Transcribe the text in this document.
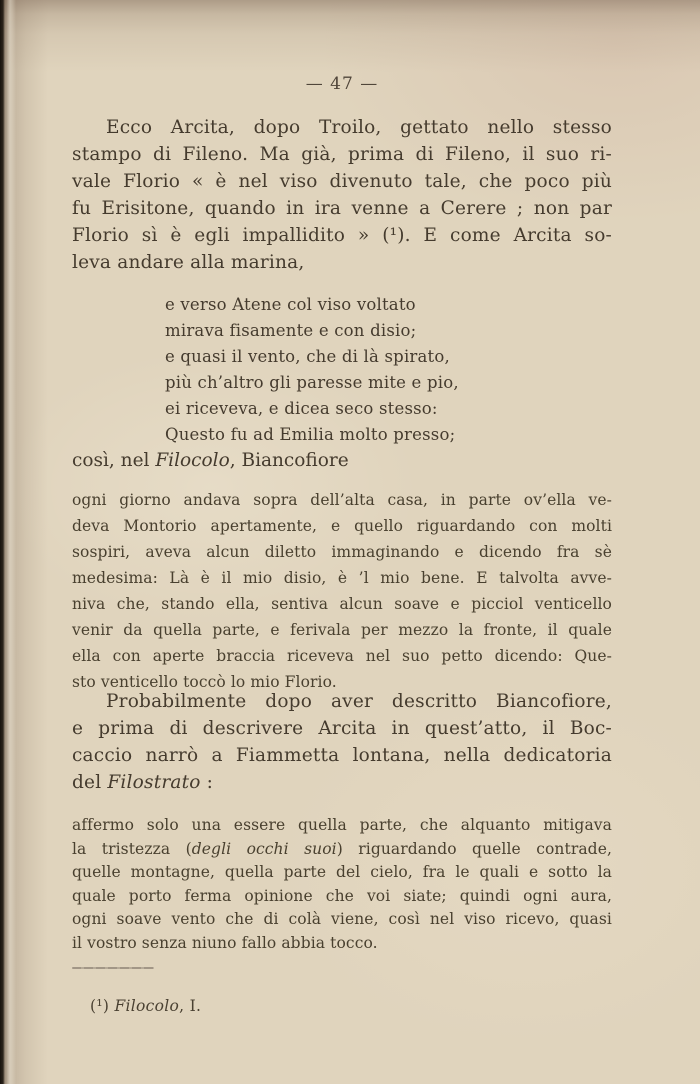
— 47 —
Ecco Arcita, dopo Troilo, gettato nello stesso
stampo di Fileno. Ma già, prima di Fileno, il suo ri-
vale Florio « è nel viso divenuto tale, che poco più
fu Erisitone, quando in ira venne a Cerere ; non par
Florio sì è egli impallidito » (¹). E come Arcita so-
leva andare alla marina,
e verso Atene col viso voltato
mirava fisamente e con disio;
e quasi il vento, che di là spirato,
più ch’altro gli paresse mite e pio,
ei riceveva, e dicea seco stesso:
Questo fu ad Emilia molto presso;
così, nel Filocolo, Biancofiore
ogni giorno andava sopra dell’alta casa, in parte ov’ella ve-
deva Montorio apertamente, e quello riguardando con molti
sospiri, aveva alcun diletto immaginando e dicendo fra sè
medesima: Là è il mio disio, è ’l mio bene. E talvolta avve-
niva che, stando ella, sentiva alcun soave e picciol venticello
venir da quella parte, e ferivala per mezzo la fronte, il quale
ella con aperte braccia riceveva nel suo petto dicendo: Que-
sto venticello toccò lo mio Florio.
Probabilmente dopo aver descritto Biancofiore,
e prima di descrivere Arcita in quest’atto, il Boc-
caccio narrò a Fiammetta lontana, nella dedicatoria
del Filostrato :
affermo solo una essere quella parte, che alquanto mitigava
la tristezza (degli occhi suoi) riguardando quelle contrade,
quelle montagne, quella parte del cielo, fra le quali e sotto la
quale porto ferma opinione che voi siate; quindi ogni aura,
ogni soave vento che di colà viene, così nel viso ricevo, quasi
il vostro senza niuno fallo abbia tocco.
(¹) Filocolo, I.
